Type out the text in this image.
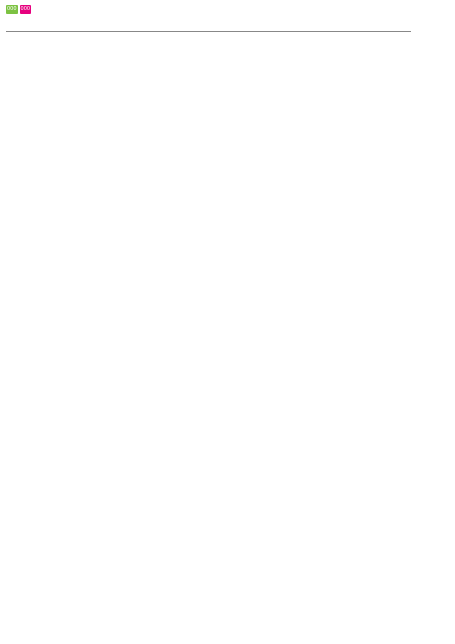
000 000
